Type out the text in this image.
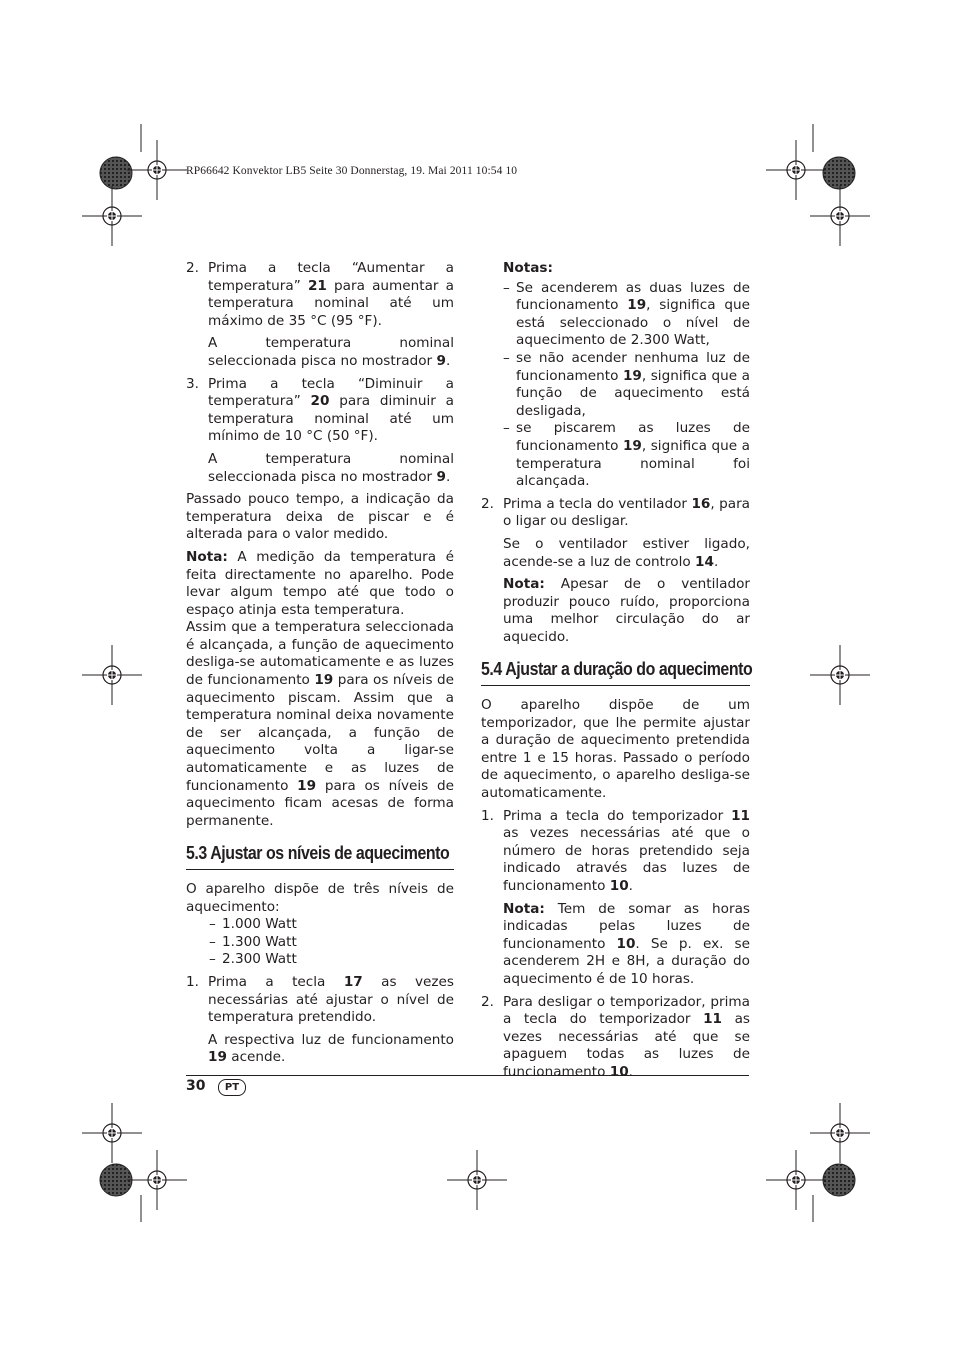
RP66642 Konvektor LB5 Seite 30 Donnerstag, 19. Mai 2011 10:54 10
2. Prima a tecla “Aumentar a temperatura” 21 para aumentar a temperatura nominal até um máximo de 35 °C (95 °F).

A temperatura nominal seleccionada pisca no mostrador 9.

3. Prima a tecla “Diminuir a temperatura” 20 para diminuir a temperatura nominal até um mínimo de 10 °C (50 °F).

A temperatura nominal seleccionada pisca no mostrador 9.

Passado pouco tempo, a indicação da temperatura deixa de piscar e é alterada para o valor medido.

Nota: A medição da temperatura é feita directamente no aparelho. Pode levar algum tempo até que todo o espaço atinja esta temperatura.

Assim que a temperatura seleccionada é alcançada, a função de aquecimento desliga-se automaticamente e as luzes de funcionamento 19 para os níveis de aquecimento piscam. Assim que a temperatura nominal deixa novamente de ser alcançada, a função de aquecimento volta a ligar-se automaticamente e as luzes de funcionamento 19 para os níveis de aquecimento ficam acesas de forma permanente.

5.3 Ajustar os níveis de aquecimento

O aparelho dispõe de três níveis de aquecimento:

– 1.000 Watt
– 1.300 Watt
– 2.300 Watt
1. Prima a tecla 17 as vezes necessárias até ajustar o nível de temperatura pretendido.

A respectiva luz de funcionamento 19 acende.

Notas:

– Se acenderem as duas luzes de funcionamento 19, significa que está seleccionado o nível de aquecimento de 2.300 Watt,

– se não acender nenhuma luz de funcionamento 19, significa que a função de aquecimento está desligada,

– se piscarem as luzes de funcionamento 19, significa que a temperatura nominal foi alcançada.

2. Prima a tecla do ventilador 16, para o ligar ou desligar.

Se o ventilador estiver ligado, acende-se a luz de controlo 14.

Nota: Apesar de o ventilador produzir pouco ruído, proporciona uma melhor circulação do ar aquecido.

5.4 Ajustar a duração do aquecimento

O aparelho dispõe de um temporizador, que lhe permite ajustar a duração de aquecimento pretendida entre 1 e 15 horas. Passado o período de aquecimento, o aparelho desliga-se automaticamente.

1. Prima a tecla do temporizador 11 as vezes necessárias até que o número de horas pretendido seja indicado através das luzes de funcionamento 10.

Nota: Tem de somar as horas indicadas pelas luzes de funcionamento 10. Se p. ex. se acenderem 2H e 8H, a duração do aquecimento é de 10 horas.

2. Para desligar o temporizador, prima a tecla do temporizador 11 as vezes necessárias até que se apaguem todas as luzes de funcionamento 10.

30	PT
